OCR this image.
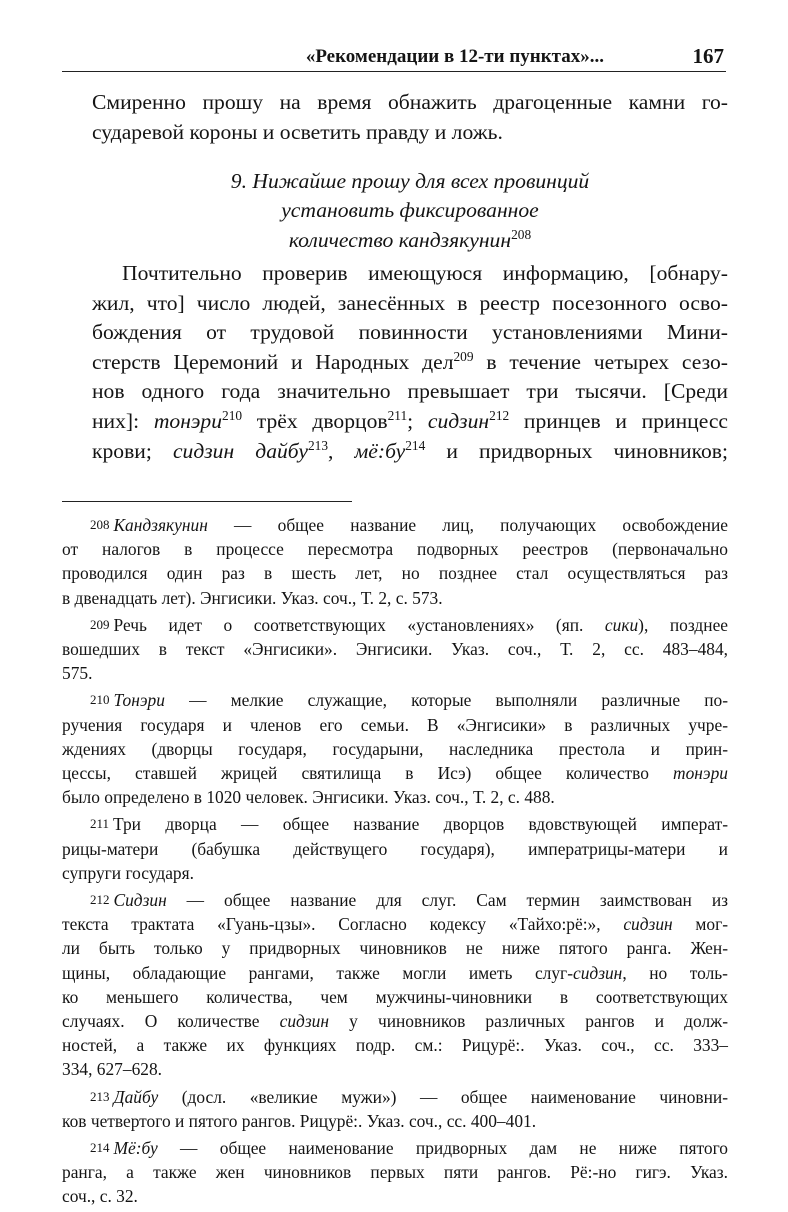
«Рекомендации в 12-ти пунктах»...	167
Смиренно прошу на время обнажить драгоценные камни го-
сударевой короны и осветить правду и ложь.
9. Нижайше прошу для всех провинций
установить фиксированное
количество кандзякунин$^{208}$
Почтительно проверив имеющуюся информацию, [обнару-
жил, что] число людей, занесённых в реестр посезонного осво-
бождения от трудовой повинности установлениями Мини-
стерств Церемоний и Народных дел$^{209}$ в течение четырех сезо-
нов одного года значительно превышает три тысячи. [Среди
них]: тонэри$^{210}$ трёх дворцов$^{211}$; сидзин$^{212}$ принцев и принцесс
крови; сидзин дайбу$^{213}$, $мё:бу^{214}$ и придворных чиновников;
208 Кандзякунин — общее название лиц, получающих освобождение
от налогов в процессе пересмотра подворных реестров (первоначально
проводился один раз в шесть лет, но позднее стал осуществляться раз
в двенадцать лет). Энгисики. Указ. соч., Т. 2, с. 573.
209 Речь идет о соответствующих «установлениях» (яп. сики), позднее
вошедших в текст «Энгисики». Энгисики. Указ. соч., Т. 2, сс. 483–484,
575.
210 Тонэри — мелкие служащие, которые выполняли различные по-
ручения государя и членов его семьи. В «Энгисики» в различных учре-
ждениях (дворцы государя, государыни, наследника престола и прин-
цессы, ставшей жрицей святилища в Исэ) общее количество тонэри
было определено в 1020 человек. Энгисики. Указ. соч., Т. 2, с. 488.
211 Три дворца — общее название дворцов вдовствующей императ-
рицы-матери (бабушка действущего государя), императрицы-матери и
супруги государя.
212 Сидзин — общее название для слуг. Сам термин заимствован из
текста трактата «Гуань-цзы». Согласно кодексу «Тайхо:рё:», сидзин мог-
ли быть только у придворных чиновников не ниже пятого ранга. Жен-
щины, обладающие рангами, также могли иметь слуг-сидзин, но толь-
ко меньшего количества, чем мужчины-чиновники в соответствующих
случаях. О количестве сидзин у чиновников различных рангов и долж-
ностей, а также их функциях подр. см.: Рицурё:. Указ. соч., сс. 333–
334, 627–628.
213 Дайбу (досл. «великие мужи») — общее наименование чиновни-
ков четвертого и пятого рангов. Рицурё:. Указ. соч., сс. 400–401.
214 Мё:бу — общее наименование придворных дам не ниже пятого
ранга, а также жен чиновников первых пяти рангов. Рё:-но гигэ. Указ.
соч., с. 32.
